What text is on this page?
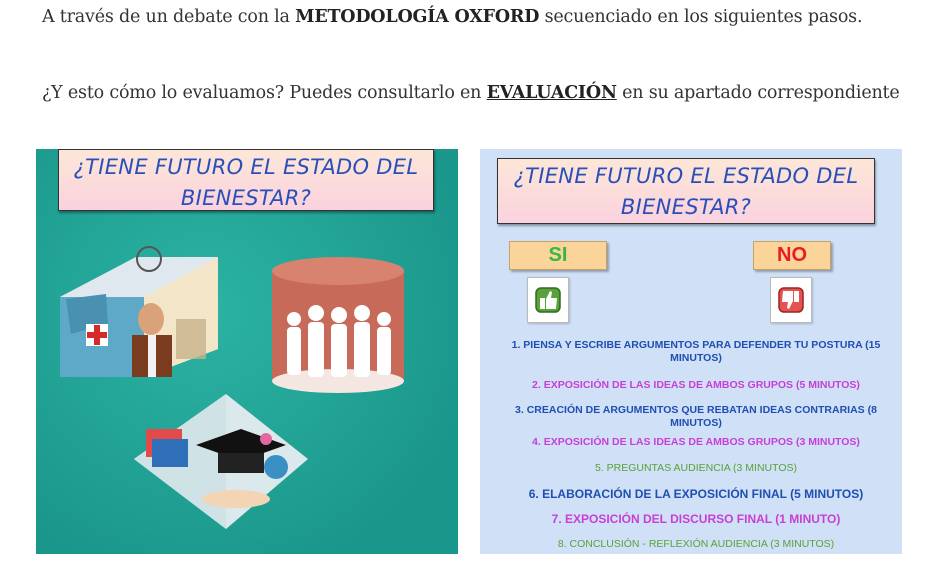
A través de un debate con la METODOLOGÍA OXFORD secuenciado en los siguientes pasos.
¿Y esto cómo lo evaluamos? Puedes consultarlo en EVALUACIÓN en su apartado correspondiente
¿TIENE FUTURO EL ESTADO DEL
BIENESTAR?
¿TIENE FUTURO EL ESTADO DEL
BIENESTAR?
SI	NO
1. PIENSA Y ESCRIBE ARGUMENTOS PARA DEFENDER TU POSTURA (15 MINUTOS)
2. EXPOSICIÓN DE LAS IDEAS DE AMBOS GRUPOS (5 MINUTOS)
3. CREACIÓN DE ARGUMENTOS QUE REBATAN IDEAS CONTRARIAS (8 MINUTOS)
4. EXPOSICIÓN DE LAS IDEAS DE AMBOS GRUPOS (3 MINUTOS)
5. PREGUNTAS AUDIENCIA (3 MINUTOS)
6. ELABORACIÓN DE LA EXPOSICIÓN FINAL (5 MINUTOS)
7. EXPOSICIÓN DEL DISCURSO FINAL (1 MINUTO)
8. CONCLUSIÓN - REFLEXIÓN AUDIENCIA (3 MINUTOS)
